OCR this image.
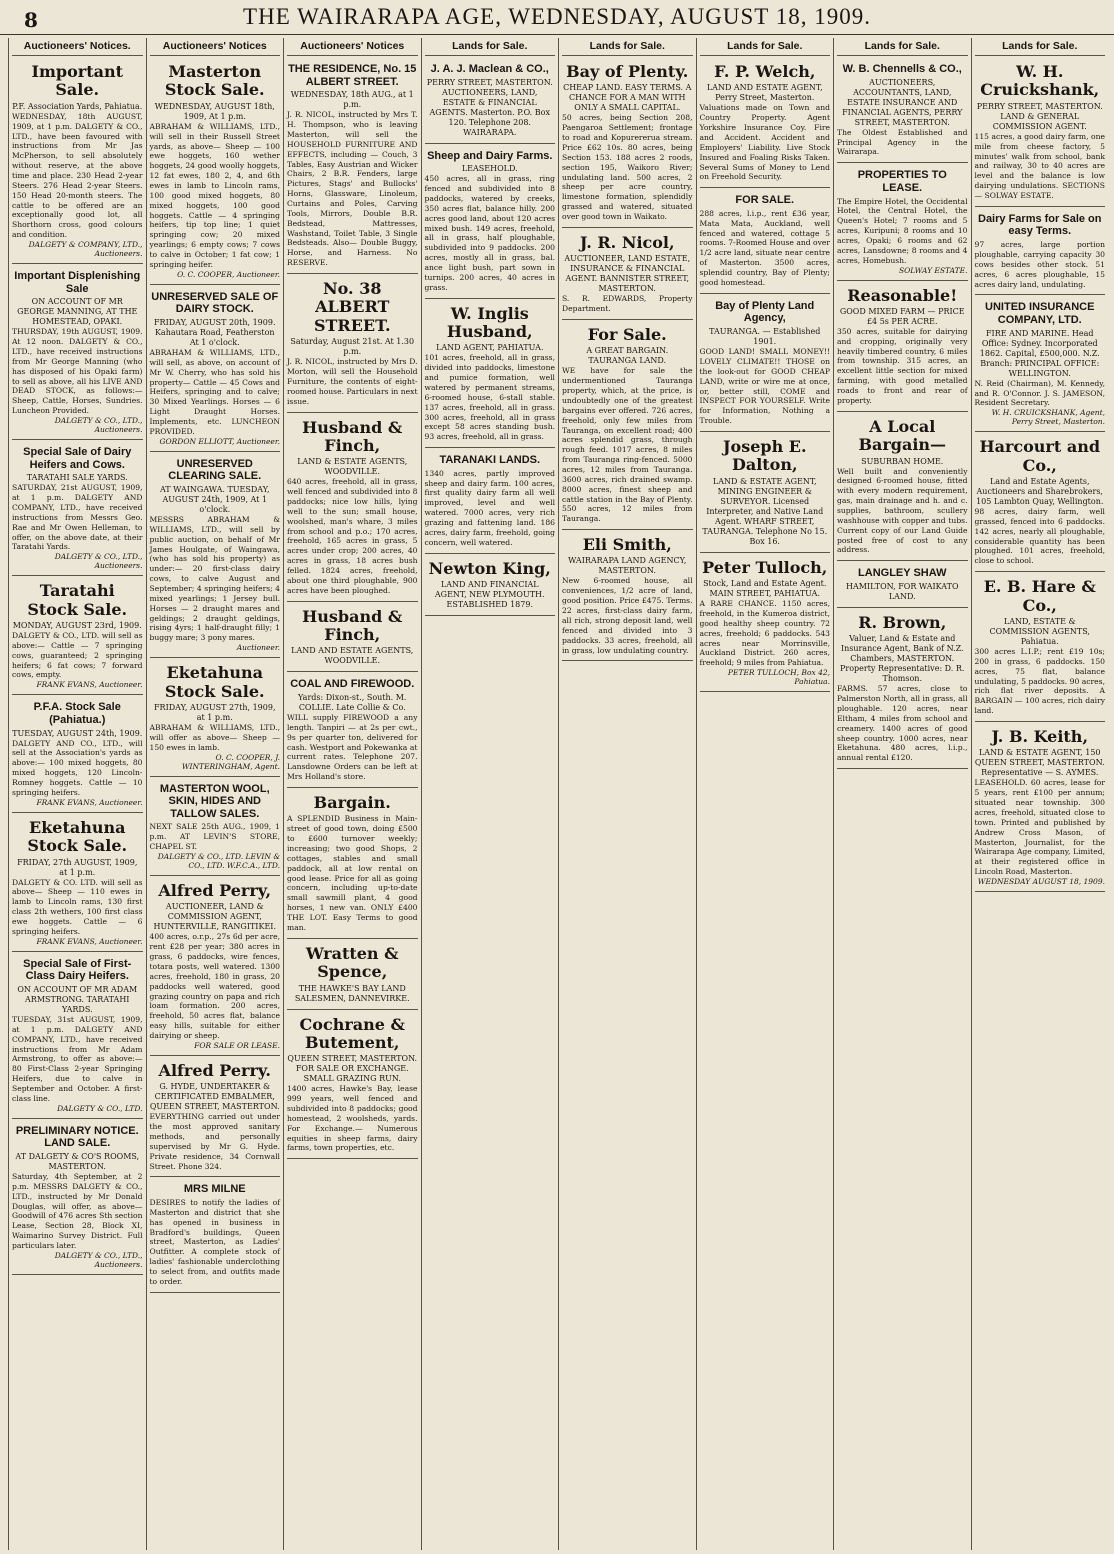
8	THE WAIRARAPA AGE, WEDNESDAY, AUGUST 18, 1909.
Auctioneers' Notices.
Important Sale.
P.F. Association Yards, Pahiatua.
WEDNESDAY, 18th AUGUST, 1909, at 1 p.m. DALGETY & CO., LTD., have been favoured with instructions from Mr Jas McPherson, to sell absolutely without reserve, at the above time and place. 230 Head 2-year Steers. 276 Head 2-year Steers. 150 Head 20-month steers. The cattle to be offered are an exceptionally good lot, all Shorthorn cross, good colours and condition.
DALGETY & COMPANY, LTD., Auctioneers.
Important Displenishing Sale
ON ACCOUNT OF MR GEORGE MANNING, AT THE HOMESTEAD, OPAKI.
THURSDAY, 19th AUGUST, 1909. At 12 noon. DALGETY & CO., LTD., have received instructions from Mr George Manning (who has disposed of his Opaki farm) to sell as above, all his LIVE AND DEAD STOCK, as follows:— Sheep, Cattle, Horses, Sundries. Luncheon Provided.
DALGETY & CO., LTD., Auctioneers.
Special Sale of Dairy Heifers and Cows.
TARATAHI SALE YARDS.
SATURDAY, 21st AUGUST, 1909, at 1 p.m. DALGETY AND COMPANY, LTD., have received instructions from Messrs Geo. Rae and Mr Owen Helleman, to offer, on the above date, at their Taratahi Yards.
DALGETY & CO., LTD., Auctioneers.
Taratahi Stock Sale.
MONDAY, AUGUST 23rd, 1909.
DALGETY & CO., LTD. will sell as above:— Cattle — 7 springing cows, guaranteed; 2 springing heifers; 6 fat cows; 7 forward cows, empty.
FRANK EVANS, Auctioneer.
P.F.A. Stock Sale (Pahiatua.)
TUESDAY, AUGUST 24th, 1909.
DALGETY AND CO., LTD., will sell at the Association's yards as above:— 100 mixed hoggets, 80 mixed hoggets, 120 Lincoln-Romney hoggets. Cattle — 10 springing heifers.
FRANK EVANS, Auctioneer.
Eketahuna Stock Sale.
FRIDAY, 27th AUGUST, 1909, at 1 p.m.
DALGETY & CO. LTD. will sell as above— Sheep — 110 ewes in lamb to Lincoln rams, 130 first class 2th wethers, 100 first class ewe hoggets. Cattle — 6 springing heifers.
FRANK EVANS, Auctioneer.
Special Sale of First-Class Dairy Heifers.
ON ACCOUNT OF MR ADAM ARMSTRONG. TARATAHI YARDS.
TUESDAY, 31st AUGUST, 1909, at 1 p.m. DALGETY AND COMPANY, LTD., have received instructions from Mr Adam Armstrong, to offer as above:— 80 First-Class 2-year Springing Heifers, due to calve in September and October. A first-class line.
DALGETY & CO., LTD.
PRELIMINARY NOTICE. LAND SALE.
AT DALGETY & CO'S ROOMS, MASTERTON.
Saturday, 4th September, at 2 p.m. MESSRS DALGETY & CO., LTD., instructed by Mr Donald Douglas, will offer, as above— Goodwill of 476 acres Sth section Lease, Section 28, Block XI, Waimarino Survey District. Full particulars later.
DALGETY & CO., LTD., Auctioneers.
Auctioneers' Notices
Masterton Stock Sale.
WEDNESDAY, AUGUST 18th, 1909, At 1 p.m.
ABRAHAM & WILLIAMS, LTD., will sell in their Russell Street yards, as above— Sheep — 100 ewe hoggets, 160 wether hoggets, 24 good woolly hoggets, 12 fat ewes, 180 2, 4, and 6th ewes in lamb to Lincoln rams, 100 good mixed hoggets, 80 mixed hoggets, 100 good hoggets. Cattle — 4 springing heifers, tip top line; 1 quiet springing cow; 20 mixed yearlings; 6 empty cows; 7 cows to calve in October; 1 fat cow; 1 springing heifer.
O. C. COOPER, Auctioneer.
UNRESERVED SALE OF DAIRY STOCK.
FRIDAY, AUGUST 20th, 1909. Kahautara Road, Featherston At 1 o'clock.
ABRAHAM & WILLIAMS, LTD., will sell, as above, on account of Mr W. Cherry, who has sold his property— Cattle — 45 Cows and Heifers, springing and to calve; 30 Mixed Yearlings. Horses — 6 Light Draught Horses. Implements, etc. LUNCHEON PROVIDED.
GORDON ELLIOTT, Auctioneer.
UNRESERVED CLEARING SALE.
AT WAINGAWA. TUESDAY, AUGUST 24th, 1909, At 1 o'clock.
MESSRS ABRAHAM & WILLIAMS, LTD., will sell by public auction, on behalf of Mr James Houlgate, of Waingawa, (who has sold his property) as under:— 20 first-class dairy cows, to calve August and September; 4 springing heifers; 4 mixed yearlings; 1 Jersey bull. Horses — 2 draught mares and geldings; 2 draught geldings, rising 4yrs; 1 half-draught filly; 1 buggy mare; 3 pony mares.
Auctioneer.
Eketahuna Stock Sale.
FRIDAY, AUGUST 27th, 1909, at 1 p.m.
ABRAHAM & WILLIAMS, LTD., will offer as above— Sheep — 150 ewes in lamb.
O. C. COOPER, J. WINTERINGHAM, Agent.
MASTERTON WOOL, SKIN, HIDES AND TALLOW SALES.
NEXT SALE 25th AUG., 1909, 1 p.m. AT LEVIN'S STORE, CHAPEL ST.
DALGETY & CO., LTD. LEVIN & CO., LTD. W.F.C.A., LTD.
Alfred Perry,
AUCTIONEER, LAND & COMMISSION AGENT, HUNTERVILLE, RANGITIKEI.
400 acres, o.r.p., 27s 6d per acre, rent £28 per year; 380 acres in grass, 6 paddocks, wire fences, totara posts, well watered. 1300 acres, freehold, 180 in grass, 20 paddocks well watered, good grazing country on papa and rich loam formation. 200 acres, freehold, 50 acres flat, balance easy hills, suitable for either dairying or sheep.
FOR SALE OR LEASE.
Alfred Perry.
G. HYDE, UNDERTAKER & CERTIFICATED EMBALMER, QUEEN STREET, MASTERTON.
EVERYTHING carried out under the most approved sanitary methods, and personally supervised by Mr G. Hyde. Private residence, 34 Cornwall Street. Phone 324.
MRS MILNE
DESIRES to notify the ladies of Masterton and district that she has opened in business in Bradford's buildings, Queen street, Masterton, as Ladies' Outfitter. A complete stock of ladies' fashionable underclothing to select from, and outfits made to order.
Auctioneers' Notices
THE RESIDENCE, No. 15 ALBERT STREET.
WEDNESDAY, 18th AUG., at 1 p.m.
J. R. NICOL, instructed by Mrs T. H. Thompson, who is leaving Masterton, will sell the HOUSEHOLD FURNITURE AND EFFECTS, including — Couch, 3 Tables, Easy Austrian and Wicker Chairs, 2 B.R. Fenders, large Pictures, Stags' and Bullocks' Horns, Glassware, Linoleum, Curtains and Poles, Carving Tools, Mirrors, Double B.R. Bedstead, Mattresses, Washstand, Toilet Table, 3 Single Bedsteads. Also— Double Buggy, Horse, and Harness. No RESERVE.
No. 38 ALBERT STREET.
Saturday, August 21st. At 1.30 p.m.
J. R. NICOL, instructed by Mrs D. Morton, will sell the Household Furniture, the contents of eight-roomed house. Particulars in next issue.
Husband & Finch,
LAND & ESTATE AGENTS, WOODVILLE.
640 acres, freehold, all in grass, well fenced and subdivided into 8 paddocks; nice low hills, lying well to the sun; small house, woolshed, man's whare, 3 miles from school and p.o.; 170 acres, freehold, 165 acres in grass, 5 acres under crop; 200 acres, 40 acres in grass, 18 acres bush felled. 1824 acres, freehold, about one third ploughable, 900 acres have been ploughed.
Husband & Finch,
LAND AND ESTATE AGENTS, WOODVILLE.
COAL AND FIREWOOD.
Yards: Dixon-st., South. M. COLLIE. Late Collie & Co.
WILL supply FIREWOOD a any length. Tanpiri — at 2s per cwt., 9s per quarter ton, delivered for cash. Westport and Pokewanka at current rates. Telephone 207. Lansdowne Orders can be left at Mrs Holland's store.
Bargain.
A SPLENDID Business in Main-street of good town, doing £500 to £600 turnover weekly; increasing; two good Shops, 2 cottages, stables and small paddock, all at low rental on good lease. Price for all as going concern, including up-to-date small sawmill plant, 4 good horses, 1 new van. ONLY £400 THE LOT. Easy Terms to good man.
Wratten & Spence,
THE HAWKE'S BAY LAND SALESMEN, DANNEVIRKE.
Cochrane & Butement,
QUEEN STREET, MASTERTON. FOR SALE OR EXCHANGE. SMALL GRAZING RUN.
1400 acres, Hawke's Bay, lease 999 years, well fenced and subdivided into 8 paddocks; good homestead, 2 woolsheds, yards. For Exchange.— Numerous equities in sheep farms, dairy farms, town properties, etc.
Lands for Sale.
J. A. J. Maclean & CO.,
PERRY STREET, MASTERTON. AUCTIONEERS, LAND, ESTATE & FINANCIAL AGENTS. Masterton. P.O. Box 120. Telephone 208. WAIRARAPA.
Sheep and Dairy Farms.
LEASEHOLD.
450 acres, all in grass, ring fenced and subdivided into 8 paddocks, watered by creeks, 350 acres flat, balance hilly. 200 acres good land, about 120 acres mixed bush. 149 acres, freehold, all in grass, half ploughable, subdivided into 9 paddocks. 200 acres, mostly all in grass, bal. ance light bush, part sown in turnips. 200 acres, 40 acres in grass.
W. Inglis Husband,
LAND AGENT, PAHIATUA.
101 acres, freehold, all in grass, divided into paddocks, limestone and pumice formation, well watered by permanent streams, 6-roomed house, 6-stall stable. 137 acres, freehold, all in grass. 300 acres, freehold, all in grass except 58 acres standing bush. 93 acres, freehold, all in grass.
TARANAKI LANDS.
1340 acres, partly improved sheep and dairy farm. 100 acres, first quality dairy farm all well improved, level and well watered. 7000 acres, very rich grazing and fattening land. 186 acres, dairy farm, freehold, going concern, well watered.
Newton King,
LAND AND FINANCIAL AGENT, NEW PLYMOUTH. ESTABLISHED 1879.
Lands for Sale.
Bay of Plenty.
CHEAP LAND. EASY TERMS. A CHANCE FOR A MAN WITH ONLY A SMALL CAPITAL.
50 acres, being Section 208, Paengaroa Settlement; frontage to road and Kopurererua stream. Price £62 10s. 80 acres, being Section 153. 188 acres 2 roods, section 195, Waikoro River; undulating land. 500 acres, 2 sheep per acre country, limestone formation, splendidly grassed and watered, situated over good town in Waikato.
J. R. Nicol,
AUCTIONEER, LAND ESTATE, INSURANCE & FINANCIAL AGENT. BANNISTER STREET, MASTERTON.
S. R. EDWARDS, Property Department.
For Sale.
A GREAT BARGAIN. TAURANGA LAND.
WE have for sale the undermentioned Tauranga property, which, at the price, is undoubtedly one of the greatest bargains ever offered. 726 acres, freehold, only few miles from Tauranga, on excellent road; 400 acres splendid grass, through rough feed. 1017 acres, 8 miles from Tauranga ring-fenced. 5000 acres, 12 miles from Tauranga. 3600 acres, rich drained swamp. 8000 acres, finest sheep and cattle station in the Bay of Plenty. 550 acres, 12 miles from Tauranga.
Eli Smith,
WAIRARAPA LAND AGENCY, MASTERTON.
New 6-roomed house, all conveniences, 1/2 acre of land, good position. Price £475. Terms. 22 acres, first-class dairy farm, all rich, strong deposit land, well fenced and divided into 3 paddocks. 33 acres, freehold, all in grass, low undulating country.
Lands for Sale.
F. P. Welch,
LAND AND ESTATE AGENT, Perry Street, Masterton.
Valuations made on Town and Country Property. Agent Yorkshire Insurance Coy. Fire and Accident. Accident and Employers' Liability. Live Stock Insured and Foaling Risks Taken. Several Sums of Money to Lend on Freehold Security.
FOR SALE.
288 acres, l.i.p., rent £36 year, Mata Mata, Auckland, well fenced and watered, cottage 5 rooms. 7-Roomed House and over 1/2 acre land, situate near centre of Masterton. 3500 acres, splendid country, Bay of Plenty; good homestead.
Bay of Plenty Land Agency,
TAURANGA. — Established 1901.
GOOD LAND! SMALL MONEY!! LOVELY CLIMATE!! THOSE on the look-out for GOOD CHEAP LAND, write or wire me at once, or, better still, COME and INSPECT FOR YOURSELF. Write for Information, Nothing a Trouble.
Joseph E. Dalton,
LAND & ESTATE AGENT, MINING ENGINEER & SURVEYOR. Licensed Interpreter, and Native Land Agent. WHARF STREET, TAURANGA. Telephone No 15. Box 16.
Peter Tulloch,
Stock, Land and Estate Agent. MAIN STREET, PAHIATUA.
A RARE CHANCE. 1150 acres, freehold, in the Kumeroa district, good healthy sheep country. 72 acres, freehold; 6 paddocks. 543 acres near Morrinsville, Auckland District. 260 acres, freehold; 9 miles from Pahiatua.
PETER TULLOCH, Box 42, Pahiatua.
Lands for Sale.
W. B. Chennells & CO.,
AUCTIONEERS, ACCOUNTANTS, LAND, ESTATE INSURANCE AND FINANCIAL AGENTS, PERRY STREET, MASTERTON.
The Oldest Established and Principal Agency in the Wairarapa.
PROPERTIES TO LEASE.
The Empire Hotel, the Occidental Hotel, the Central Hotel, the Queen's Hotel; 7 rooms and 5 acres, Kuripuni; 8 rooms and 10 acres, Opaki; 6 rooms and 62 acres, Lansdowne; 8 rooms and 4 acres, Homebush.
SOLWAY ESTATE.
Reasonable!
GOOD MIXED FARM — PRICE £4 5s PER ACRE.
350 acres, suitable for dairying and cropping, originally very heavily timbered country, 6 miles from township. 315 acres, an excellent little section for mixed farming, with good metalled roads to front and rear of property.
A Local Bargain—
SUBURBAN HOME.
Well built and conveniently designed 6-roomed house, fitted with every modern requirement, gas, main drainage and h. and c. supplies, bathroom, scullery washhouse with copper and tubs. Current copy of our Land Guide posted free of cost to any address.
LANGLEY SHAW
HAMILTON, FOR WAIKATO LAND.
R. Brown,
Valuer, Land & Estate and Insurance Agent, Bank of N.Z. Chambers, MASTERTON. Property Representative: D. R. Thomson.
FARMS. 57 acres, close to Palmerston North, all in grass, all ploughable. 120 acres, near Eltham, 4 miles from school and creamery. 1400 acres of good sheep country. 1000 acres, near Eketahuna. 480 acres, l.i.p., annual rental £120.
Lands for Sale.
W. H. Cruickshank,
PERRY STREET, MASTERTON. LAND & GENERAL COMMISSION AGENT.
115 acres, a good dairy farm, one mile from cheese factory, 5 minutes' walk from school, bank and railway, 30 to 40 acres are level and the balance is low dairying undulations. SECTIONS — SOLWAY ESTATE.
Dairy Farms for Sale on easy Terms.
97 acres, large portion ploughable, carrying capacity 30 cows besides other stock. 51 acres, 6 acres ploughable, 15 acres dairy land, undulating.
UNITED INSURANCE COMPANY, LTD.
FIRE AND MARINE. Head Office: Sydney. Incorporated 1862. Capital, £500,000. N.Z. Branch: PRINCIPAL OFFICE: WELLINGTON.
N. Reid (Chairman), M. Kennedy, and R. O'Connor. J. S. JAMESON, Resident Secretary.
W. H. CRUICKSHANK, Agent, Perry Street, Masterton.
Harcourt and Co.,
Land and Estate Agents, Auctioneers and Sharebrokers, 105 Lambton Quay, Wellington.
98 acres, dairy farm, well grassed, fenced into 6 paddocks. 142 acres, nearly all ploughable, considerable quantity has been ploughed. 101 acres, freehold, close to school.
E. B. Hare & Co.,
LAND, ESTATE & COMMISSION AGENTS, Pahiatua.
300 acres L.I.P.; rent £19 10s; 200 in grass, 6 paddocks. 150 acres, 75 flat, balance undulating, 5 paddocks. 90 acres, rich flat river deposits. A BARGAIN — 100 acres, rich dairy land.
J. B. Keith,
LAND & ESTATE AGENT, 150 QUEEN STREET, MASTERTON. Representative — S. AYMES.
LEASEHOLD. 60 acres, lease for 5 years, rent £100 per annum; situated near township. 300 acres, freehold, situated close to town. Printed and published by Andrew Cross Mason, of Masterton, Journalist, for the Wairarapa Age company, Limited, at their registered office in Lincoln Road, Masterton.
WEDNESDAY AUGUST 18, 1909.
